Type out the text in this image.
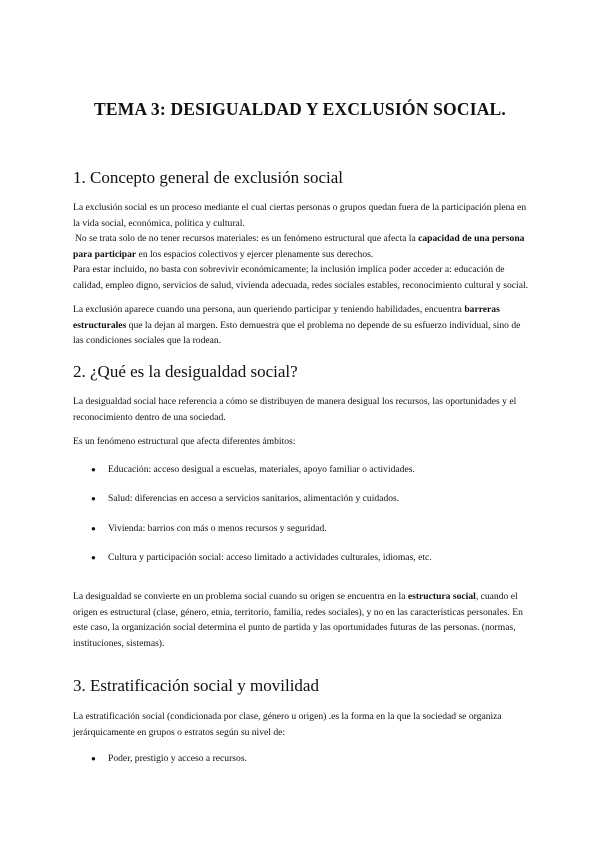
TEMA 3: DESIGUALDAD Y EXCLUSIÓN SOCIAL.
1. Concepto general de exclusión social

La exclusión social es un proceso mediante el cual ciertas personas o grupos quedan fuera de la participación plena en la vida social, económica, política y cultural.

No se trata solo de no tener recursos materiales: es un fenómeno estructural que afecta la capacidad de una persona para participar en los espacios colectivos y ejercer plenamente sus derechos.

Para estar incluido, no basta con sobrevivir económicamente; la inclusión implica poder acceder a: educación de calidad, empleo digno, servicios de salud, vivienda adecuada, redes sociales estables, reconocimiento cultural y social.

La exclusión aparece cuando una persona, aun queriendo participar y teniendo habilidades, encuentra barreras estructurales que la dejan al margen. Esto demuestra que el problema no depende de su esfuerzo individual, sino de las condiciones sociales que la rodean.

2. ¿Qué es la desigualdad social?

La desigualdad social hace referencia a cómo se distribuyen de manera desigual los recursos, las oportunidades y el reconocimiento dentro de una sociedad.

Es un fenómeno estructural que afecta diferentes ámbitos:

● Educación: acceso desigual a escuelas, materiales, apoyo familiar o actividades.
● Salud: diferencias en acceso a servicios sanitarios, alimentación y cuidados.
● Vivienda: barrios con más o menos recursos y seguridad.
● Cultura y participación social: acceso limitado a actividades culturales, idiomas, etc.

La desigualdad se convierte en un problema social cuando su origen se encuentra en la estructura social, cuando el origen es estructural (clase, género, etnia, territorio, familia, redes sociales), y no en las características personales. En este caso, la organización social determina el punto de partida y las oportunidades futuras de las personas. (normas, instituciones, sistemas).

3. Estratificación social y movilidad

La estratificación social (condicionada por clase, género u origen) .es la forma en la que la sociedad se organiza jerárquicamente en grupos o estratos según su nivel de:

● Poder, prestigio y acceso a recursos.
